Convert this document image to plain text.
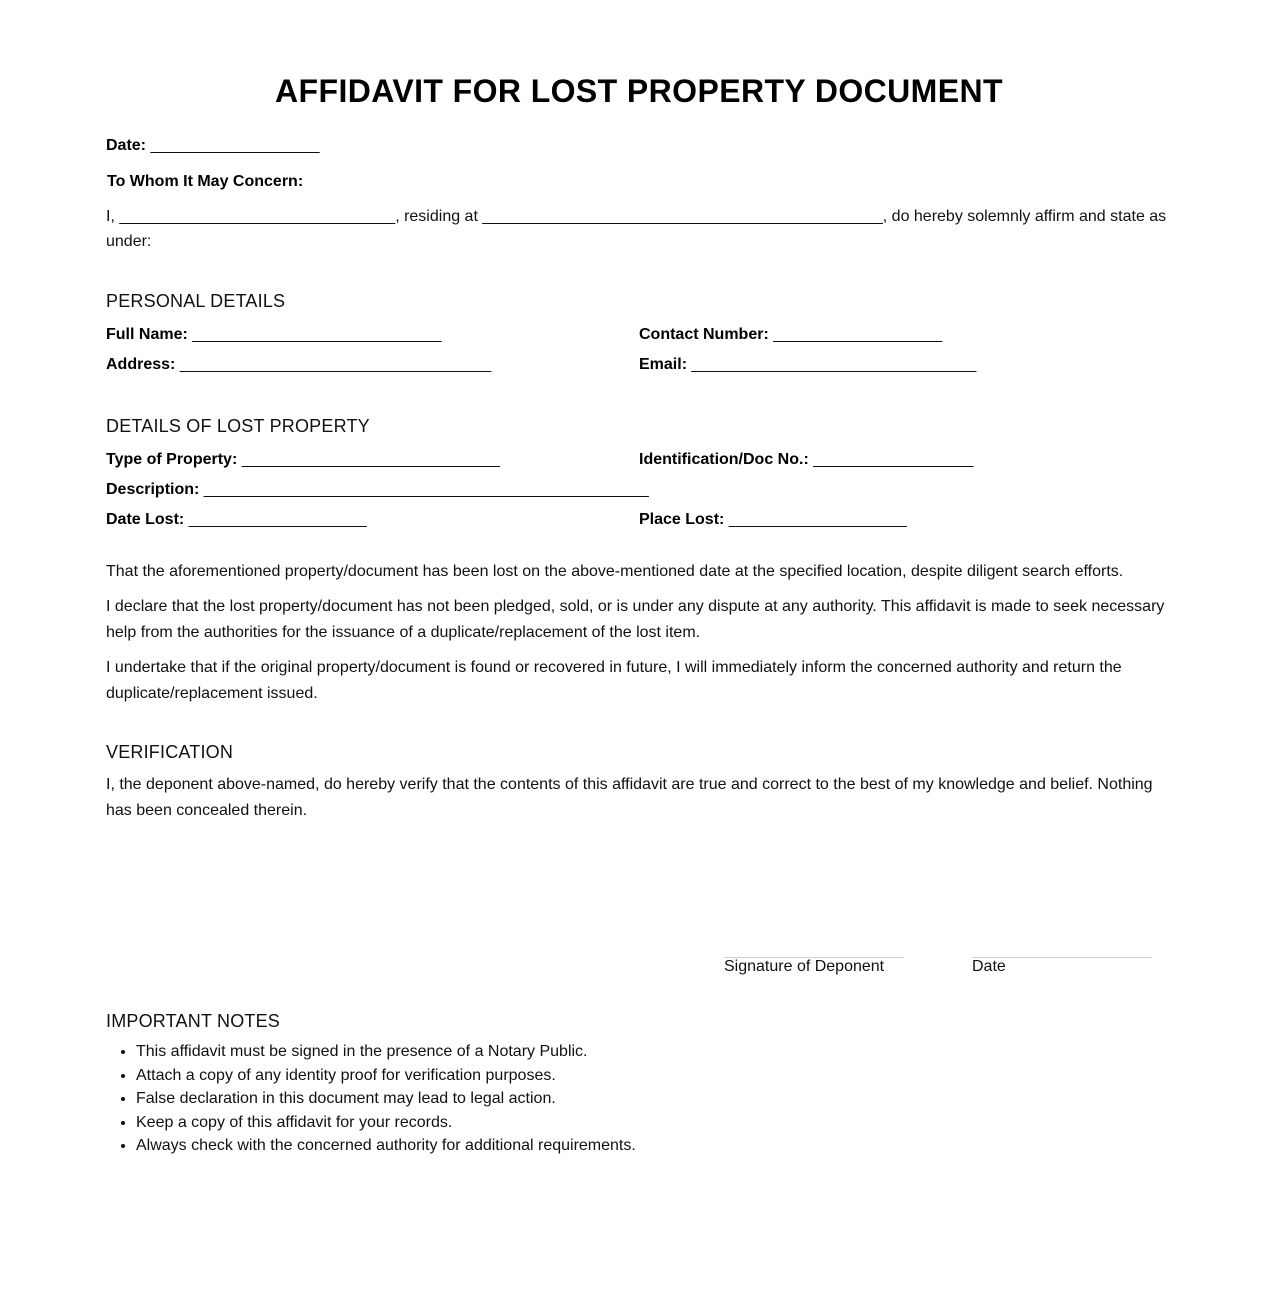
AFFIDAVIT FOR LOST PROPERTY DOCUMENT
Date: ___________________
To Whom It May Concern:
I, _______________________________, residing at _____________________________________________, do hereby solemnly affirm and state as
under:
PERSONAL DETAILS
Full Name: ____________________________
Address: ___________________________________
Contact Number: ___________________
Email: ________________________________
DETAILS OF LOST PROPERTY
Type of Property: _____________________________
Description: __________________________________________________
Date Lost: ____________________
Identification/Doc No.: __________________
Place Lost: ____________________
That the aforementioned property/document has been lost on the above-mentioned date at the specified location, despite diligent search efforts.
I declare that the lost property/document has not been pledged, sold, or is under any dispute at any authority. This affidavit is made to seek necessary help from the authorities for the issuance of a duplicate/replacement of the lost item.
I undertake that if the original property/document is found or recovered in future, I will immediately inform the concerned authority and return the duplicate/replacement issued.
VERIFICATION
I, the deponent above-named, do hereby verify that the contents of this affidavit are true and correct to the best of my knowledge and belief. Nothing has been concealed therein.
Signature of Deponent	Date
IMPORTANT NOTES
• This affidavit must be signed in the presence of a Notary Public.
• Attach a copy of any identity proof for verification purposes.
• False declaration in this document may lead to legal action.
• Keep a copy of this affidavit for your records.
• Always check with the concerned authority for additional requirements.
